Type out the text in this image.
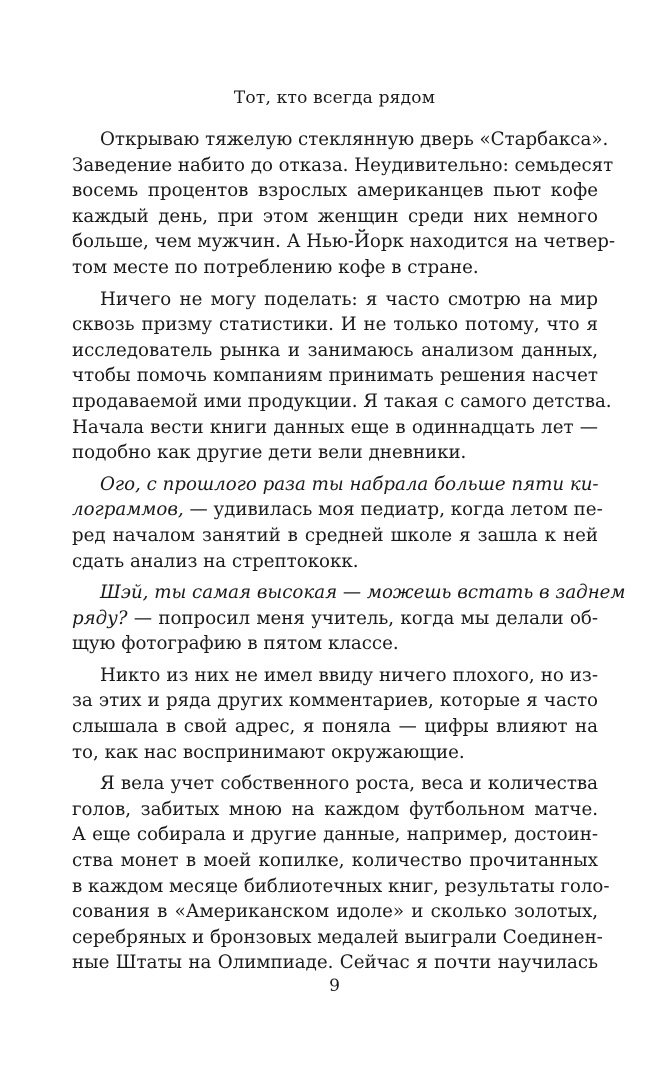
Тот, кто всегда рядом
Открываю тяжелую стеклянную дверь «Старбакса».
Заведение набито до отказа. Неудивительно: семьдесят
восемь процентов взрослых американцев пьют кофе
каждый день, при этом женщин среди них немного
больше, чем мужчин. А Нью-Йорк находится на четвер-
том месте по потреблению кофе в стране.
Ничего не могу поделать: я часто смотрю на мир
сквозь призму статистики. И не только потому, что я
исследователь рынка и занимаюсь анализом данных,
чтобы помочь компаниям принимать решения насчет
продаваемой ими продукции. Я такая с самого детства.
Начала вести книги данных еще в одиннадцать лет —
подобно как другие дети вели дневники.
Ого, с прошлого раза ты набрала больше пяти ки-
лограммов, — удивилась моя педиатр, когда летом пе-
ред началом занятий в средней школе я зашла к ней
сдать анализ на стрептококк.
Шэй, ты самая высокая — можешь встать в заднем
ряду? — попросил меня учитель, когда мы делали об-
щую фотографию в пятом классе.
Никто из них не имел ввиду ничего плохого, но из-
за этих и ряда других комментариев, которые я часто
слышала в свой адрес, я поняла — цифры влияют на
то, как нас воспринимают окружающие.
Я вела учет собственного роста, веса и количества
голов, забитых мною на каждом футбольном матче.
А еще собирала и другие данные, например, достоин-
ства монет в моей копилке, количество прочитанных
в каждом месяце библиотечных книг, результаты голо-
сования в «Американском идоле» и сколько золотых,
серебряных и бронзовых медалей выиграли Соединен-
ные Штаты на Олимпиаде. Сейчас я почти научилась
9
